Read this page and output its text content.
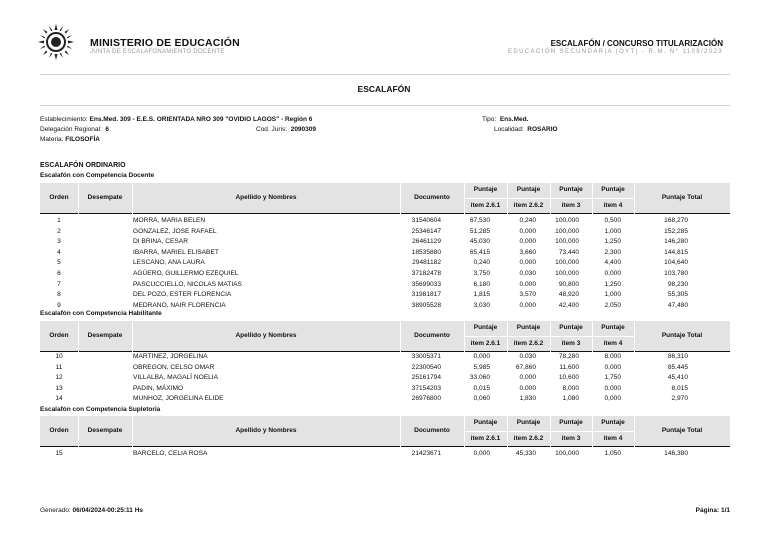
MINISTERIO DE EDUCACIÓN
JUNTA DE ESCALAFONAMIENTO DOCENTE
ESCALAFÓN / CONCURSO TITULARIZACIÓN
EDUCACIÓN SECUNDARIA (OYT) - R.M. N° 1109/2023
ESCALAFÓN
Establecimiento: Ens.Med. 309 - E.E.S. ORIENTADA NRO 309 "OVIDIO LAGOS" - Región 6
Delegación Regional: 6	Cod. Juris: 2090309
Materia: FILOSOFÍA
Tipo: Ens.Med.
Localidad: ROSARIO
ESCALAFÓN ORDINARIO
Escalafón con Competencia Docente
Orden	Desempate	Apellido y Nombres	Documento
Puntaje	Puntaje	Puntaje	Puntaje
item 2.6.1	item 2.6.2	item 3	item 4
Puntaje Total
1	MORRA, MARIA BELEN	31540604	67,530	0,240	100,000	0,500	168,270
2	GONZALEZ, JOSE RAFAEL	25346147	51,285	0,000	100,000	1,000	152,285
3	DI BRINA, CESAR	26461129	45,030	0,000	100,000	1,250	146,280
4	IBARRA, MARIEL ELISABET	18535880	65,415	3,660	73,440	2,300	144,815
5	LESCANO, ANA LAURA	29481182	0,240	0,000	100,000	4,400	104,640
6	AGÜERO, GUILLERMO EZEQUIEL	37182478	3,750	0,030	100,000	0,000	103,780
7	PASCUCCIELLO, NICOLAS MATIAS	35699033	6,180	0,000	90,800	1,250	98,230
8	DEL POZO, ESTER FLORENCIA	31981817	1,815	3,570	48,920	1,000	55,305
9	MEDRANO, NAIR FLORENCIA	38905528	3,030	0,000	42,400	2,050	47,480
Escalafón con Competencia Habilitante
Orden	Desempate	Apellido y Nombres	Documento
Puntaje	Puntaje	Puntaje	Puntaje
item 2.6.1	item 2.6.2	item 3	item 4
Puntaje Total
10	MARTINEZ, JORGELINA	33005371	0,000	0,030	78,280	8,000	86,310
11	OBREGON, CELSO OMAR	22300540	5,985	67,860	11,600	0,000	85,445
12	VILLALBA, MAGALÍ NOELIA	25161794	33,060	0,000	10,600	1,750	45,410
13	PADIN, MÁXIMO	37154203	0,015	0,000	8,000	0,000	8,015
14	MUNHOZ, JORGELINA ELIDE	26976800	0,060	1,830	1,080	0,000	2,970
Escalafón con Competencia Supletoria
Orden	Desempate	Apellido y Nombres	Documento
Puntaje	Puntaje	Puntaje	Puntaje
item 2.6.1	item 2.6.2	item 3	item 4
Puntaje Total
15	BARCELO, CELIA ROSA	21423671	0,000	45,330	100,000	1,050	146,380
Generado: 06/04/2024-00:25:11 Hs	Página: 1/1
